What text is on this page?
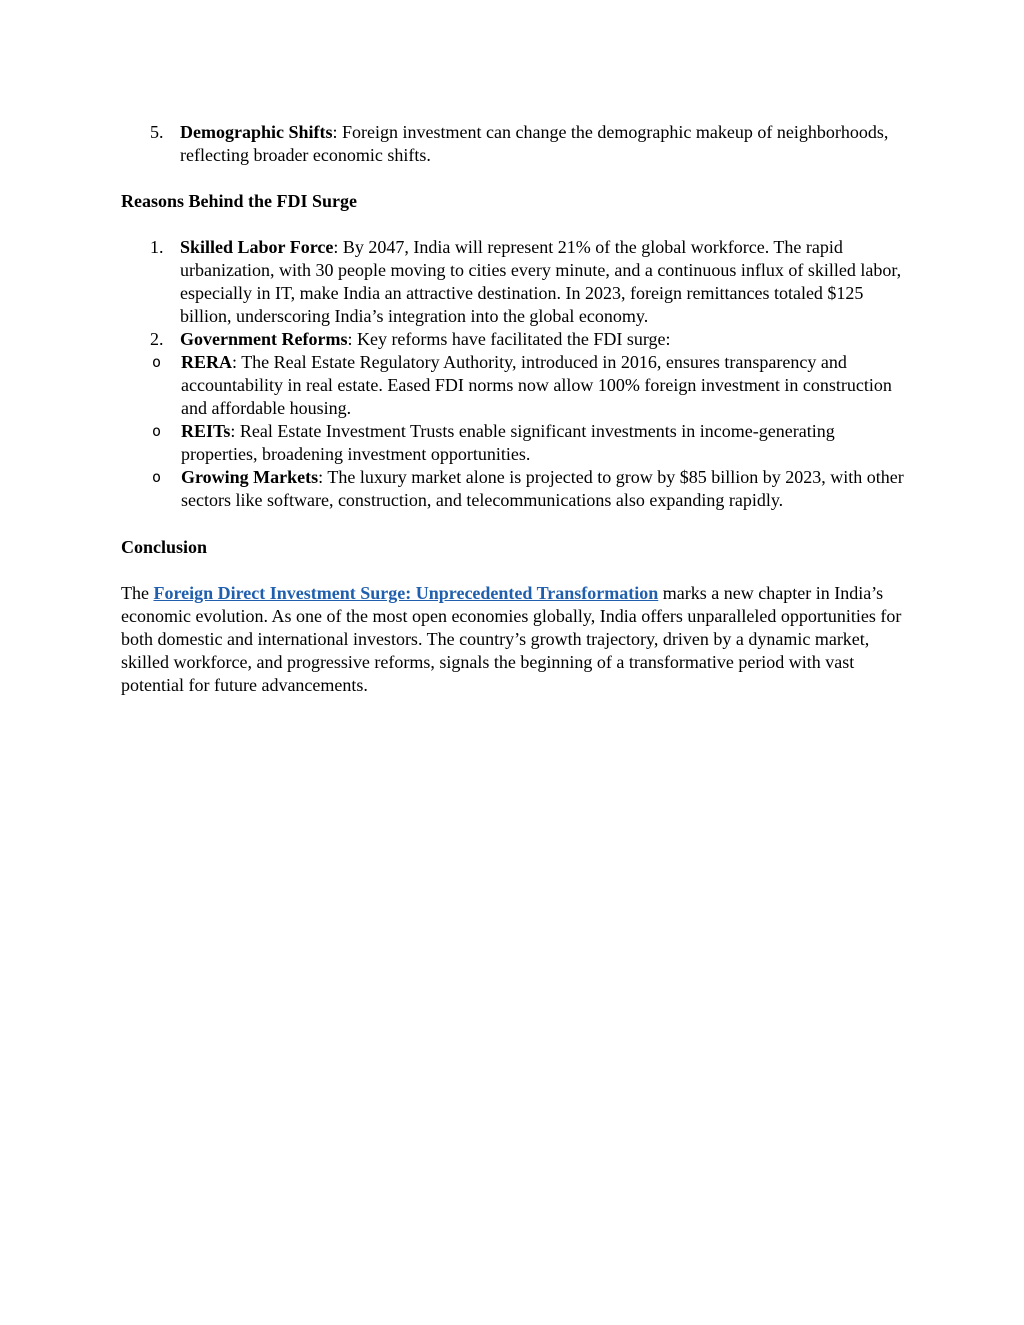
5. Demographic Shifts: Foreign investment can change the demographic makeup of neighborhoods, reflecting broader economic shifts.

Reasons Behind the FDI Surge

1. Skilled Labor Force: By 2047, India will represent 21% of the global workforce. The rapid urbanization, with 30 people moving to cities every minute, and a continuous influx of skilled labor, especially in IT, make India an attractive destination. In 2023, foreign remittances totaled $125 billion, underscoring India’s integration into the global economy.
2. Government Reforms: Key reforms have facilitated the FDI surge:
o RERA: The Real Estate Regulatory Authority, introduced in 2016, ensures transparency and accountability in real estate. Eased FDI norms now allow 100% foreign investment in construction and affordable housing.
o REITs: Real Estate Investment Trusts enable significant investments in income-generating properties, broadening investment opportunities.
o Growing Markets: The luxury market alone is projected to grow by $85 billion by 2023, with other sectors like software, construction, and telecommunications also expanding rapidly.

Conclusion

The Foreign Direct Investment Surge: Unprecedented Transformation marks a new chapter in India’s economic evolution. As one of the most open economies globally, India offers unparalleled opportunities for both domestic and international investors. The country’s growth trajectory, driven by a dynamic market, skilled workforce, and progressive reforms, signals the beginning of a transformative period with vast potential for future advancements.
